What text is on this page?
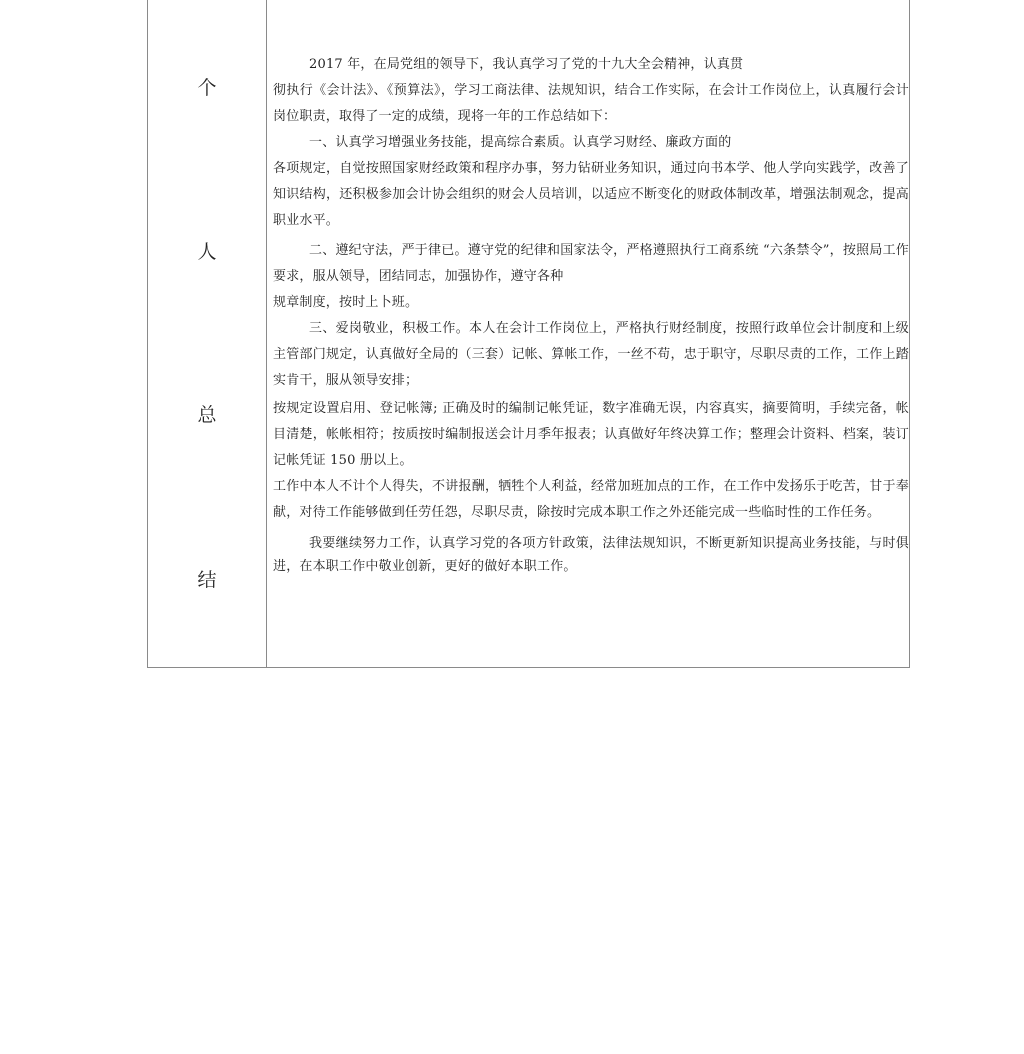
个
人
总
结

2017 年，在局党组的领导下，我认真学习了党的十九大全会精神，认真贯

彻执行《会计法》、《预算法》，学习工商法律、法规知识，结合工作实际，在会计工作岗位上，认真履行会计岗位职责，取得了一定的成绩，现将一年的工作总结如下：

一、认真学习增强业务技能，提高综合素质。认真学习财经、廉政方面的

各项规定，自觉按照国家财经政策和程序办事，努力钻研业务知识，通过向书本学、他人学向实践学，改善了知识结构，还积极参加会计协会组织的财会人员培训，以适应不断变化的财政体制改革，增强法制观念，提高职业水平。

二、遵纪守法，严于律已。遵守党的纪律和国家法令，严格遵照执行工商系统 “六条禁令”，按照局工作要求，服从领导，团结同志，加强协作，遵守各种

规章制度，按时上卜班。

三、爱岗敬业，积极工作。本人在会计工作岗位上，严格执行财经制度，按照行政单位会计制度和上级主管部门规定，认真做好全局的（三套）记帐、算帐工作，一丝不苟，忠于职守，尽职尽责的工作，工作上踏实肯干，服从领导安排；

按规定设置启用、登记帐簿; 正确及时的编制记帐凭证，数字准确无误，内容真实，摘要简明，手续完备，帐目清楚，帐帐相符；按质按时编制报送会计月季年报表；认真做好年终决算工作；整理会计资料、档案，装订记帐凭证 150 册以上。

工作中本人不计个人得失，不讲报酬，牺牲个人利益，经常加班加点的工作，在工作中发扬乐于吃苦，甘于奉献，对待工作能够做到任劳任怨，尽职尽责，除按时完成本职工作之外还能完成一些临时性的工作任务。

我要继续努力工作，认真学习党的各项方针政策，法律法规知识，不断更新知识提高业务技能，与时俱进，在本职工作中敬业创新，更好的做好本职工作。
